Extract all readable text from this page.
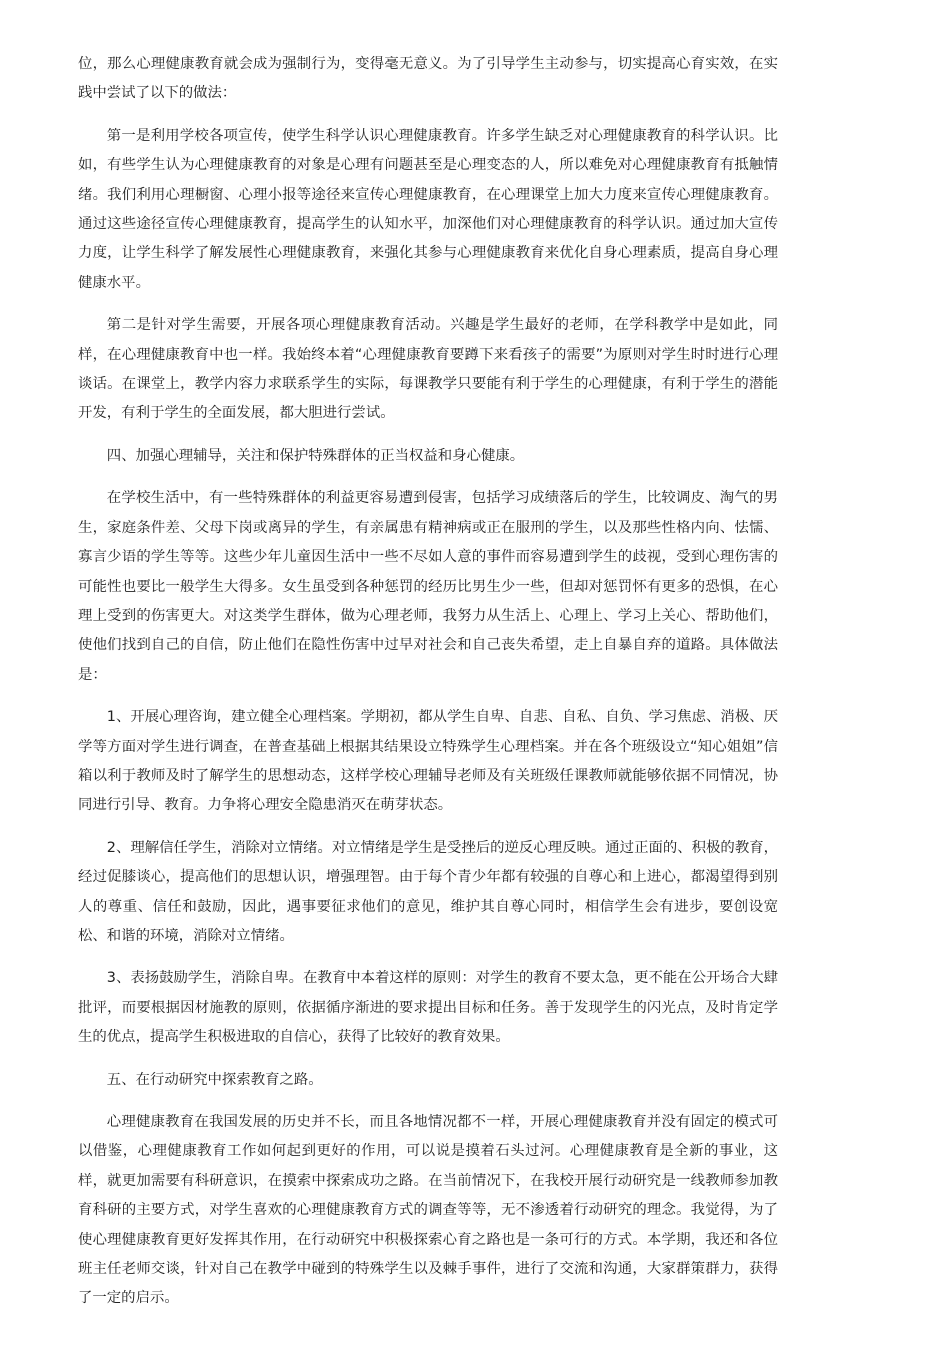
位，那么心理健康教育就会成为强制行为，变得毫无意义。为了引导学生主动参与，切实提高心育实效，在实践中尝试了以下的做法：

第一是利用学校各项宣传，使学生科学认识心理健康教育。许多学生缺乏对心理健康教育的科学认识。比如，有些学生认为心理健康教育的对象是心理有问题甚至是心理变态的人，所以难免对心理健康教育有抵触情绪。我们利用心理橱窗、心理小报等途径来宣传心理健康教育，在心理课堂上加大力度来宣传心理健康教育。通过这些途径宣传心理健康教育，提高学生的认知水平，加深他们对心理健康教育的科学认识。通过加大宣传力度，让学生科学了解发展性心理健康教育，来强化其参与心理健康教育来优化自身心理素质，提高自身心理健康水平。

第二是针对学生需要，开展各项心理健康教育活动。兴趣是学生最好的老师，在学科教学中是如此，同样，在心理健康教育中也一样。我始终本着“心理健康教育要蹲下来看孩子的需要”为原则对学生时时进行心理谈话。在课堂上，教学内容力求联系学生的实际，每课教学只要能有利于学生的心理健康，有利于学生的潜能开发，有利于学生的全面发展，都大胆进行尝试。

四、加强心理辅导，关注和保护特殊群体的正当权益和身心健康。

在学校生活中，有一些特殊群体的利益更容易遭到侵害，包括学习成绩落后的学生，比较调皮、淘气的男生，家庭条件差、父母下岗或离异的学生，有亲属患有精神病或正在服刑的学生，以及那些性格内向、怯懦、寡言少语的学生等等。这些少年儿童因生活中一些不尽如人意的事件而容易遭到学生的歧视，受到心理伤害的可能性也要比一般学生大得多。女生虽受到各种惩罚的经历比男生少一些，但却对惩罚怀有更多的恐惧，在心理上受到的伤害更大。对这类学生群体，做为心理老师，我努力从生活上、心理上、学习上关心、帮助他们，使他们找到自己的自信，防止他们在隐性伤害中过早对社会和自己丧失希望，走上自暴自弃的道路。具体做法是：

1、开展心理咨询，建立健全心理档案。学期初，都从学生自卑、自悲、自私、自负、学习焦虑、消极、厌学等方面对学生进行调查，在普查基础上根据其结果设立特殊学生心理档案。并在各个班级设立“知心姐姐”信箱以利于教师及时了解学生的思想动态，这样学校心理辅导老师及有关班级任课教师就能够依据不同情况，协同进行引导、教育。力争将心理安全隐患消灭在萌芽状态。

2、理解信任学生，消除对立情绪。对立情绪是学生是受挫后的逆反心理反映。通过正面的、积极的教育，经过促膝谈心，提高他们的思想认识，增强理智。由于每个青少年都有较强的自尊心和上进心，都渴望得到别人的尊重、信任和鼓励，因此，遇事要征求他们的意见，维护其自尊心同时，相信学生会有进步，要创设宽松、和谐的环境，消除对立情绪。

3、表扬鼓励学生，消除自卑。在教育中本着这样的原则：对学生的教育不要太急，更不能在公开场合大肆批评，而要根据因材施教的原则，依据循序渐进的要求提出目标和任务。善于发现学生的闪光点，及时肯定学生的优点，提高学生积极进取的自信心，获得了比较好的教育效果。

五、在行动研究中探索教育之路。

心理健康教育在我国发展的历史并不长，而且各地情况都不一样，开展心理健康教育并没有固定的模式可以借鉴，心理健康教育工作如何起到更好的作用，可以说是摸着石头过河。心理健康教育是全新的事业，这样，就更加需要有科研意识，在摸索中探索成功之路。在当前情况下，在我校开展行动研究是一线教师参加教育科研的主要方式，对学生喜欢的心理健康教育方式的调查等等，无不渗透着行动研究的理念。我觉得，为了使心理健康教育更好发挥其作用，在行动研究中积极探索心育之路也是一条可行的方式。本学期，我还和各位班主任老师交谈，针对自己在教学中碰到的特殊学生以及棘手事件，进行了交流和沟通，大家群策群力，获得了一定的启示。
